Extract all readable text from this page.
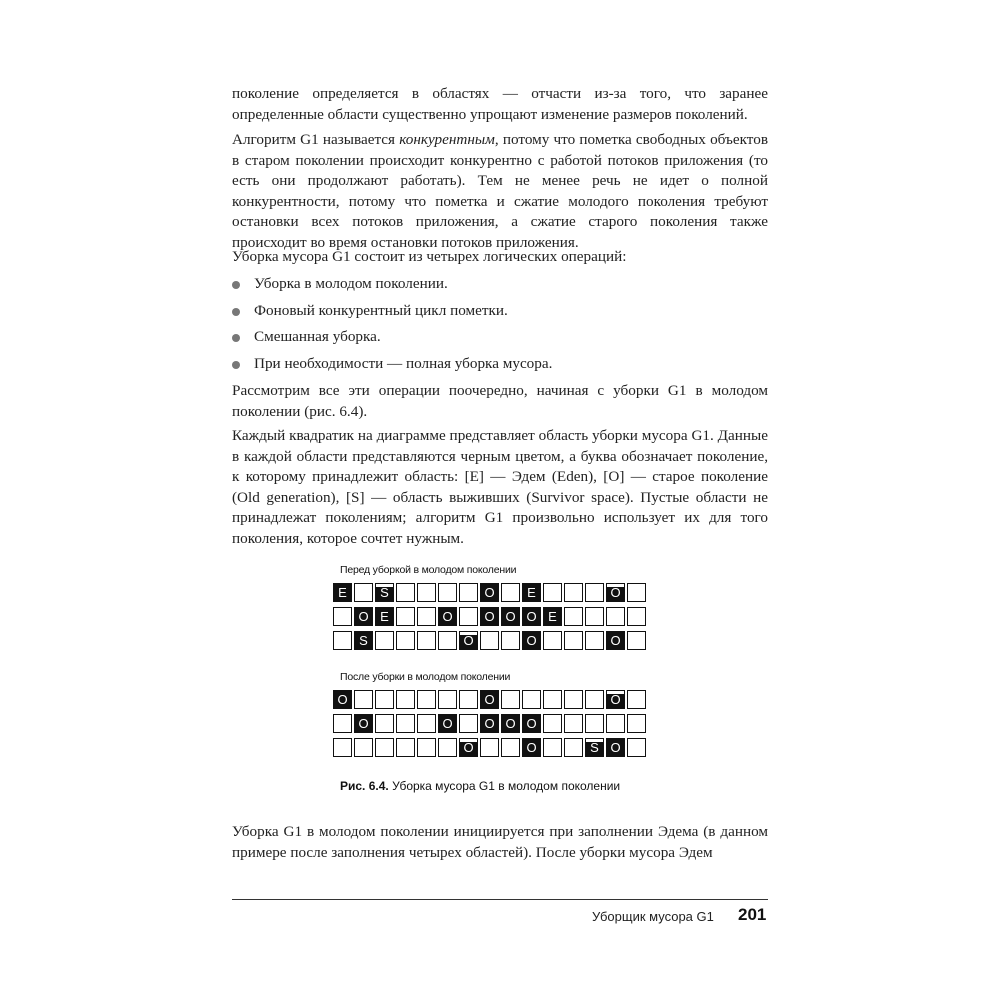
поколение определяется в областях — отчасти из-за того, что заранее определенные области существенно упрощают изменение размеров поколений.

Алгоритм G1 называется конкурентным, потому что пометка свободных объектов в старом поколении происходит конкурентно с работой потоков приложения (то есть они продолжают работать). Тем не менее речь не идет о полной конкурентности, потому что пометка и сжатие молодого поколения требуют остановки всех потоков приложения, а сжатие старого поколения также происходит во время остановки потоков приложения.

Уборка мусора G1 состоит из четырех логических операций:

Уборка в молодом поколении.
Фоновый конкурентный цикл пометки.
Смешанная уборка.
При необходимости — полная уборка мусора.

Рассмотрим все эти операции поочередно, начиная с уборки G1 в молодом поколении (рис. 6.4).

Каждый квадратик на диаграмме представляет область уборки мусора G1. Данные в каждой области представляются черным цветом, а буква обозначает поколение, к которому принадлежит область: [E] — Эдем (Eden), [O] — старое поколение (Old generation), [S] — область выживших (Survivor space). Пустые области не принадлежат поколениям; алгоритм G1 произвольно использует их для того поколения, которое сочтет нужным.

Перед уборкой в молодом поколении
E	S	O	E	O
O E	O O O O E
S	O	O	O
После уборки в молодом поколении
O	O	O
O	O O O O
O	O	S O
Рис. 6.4. Уборка мусора G1 в молодом поколении

Уборка G1 в молодом поколении инициируется при заполнении Эдема (в данном примере после заполнения четырех областей). После уборки мусора Эдем

Уборщик мусора G1 201
